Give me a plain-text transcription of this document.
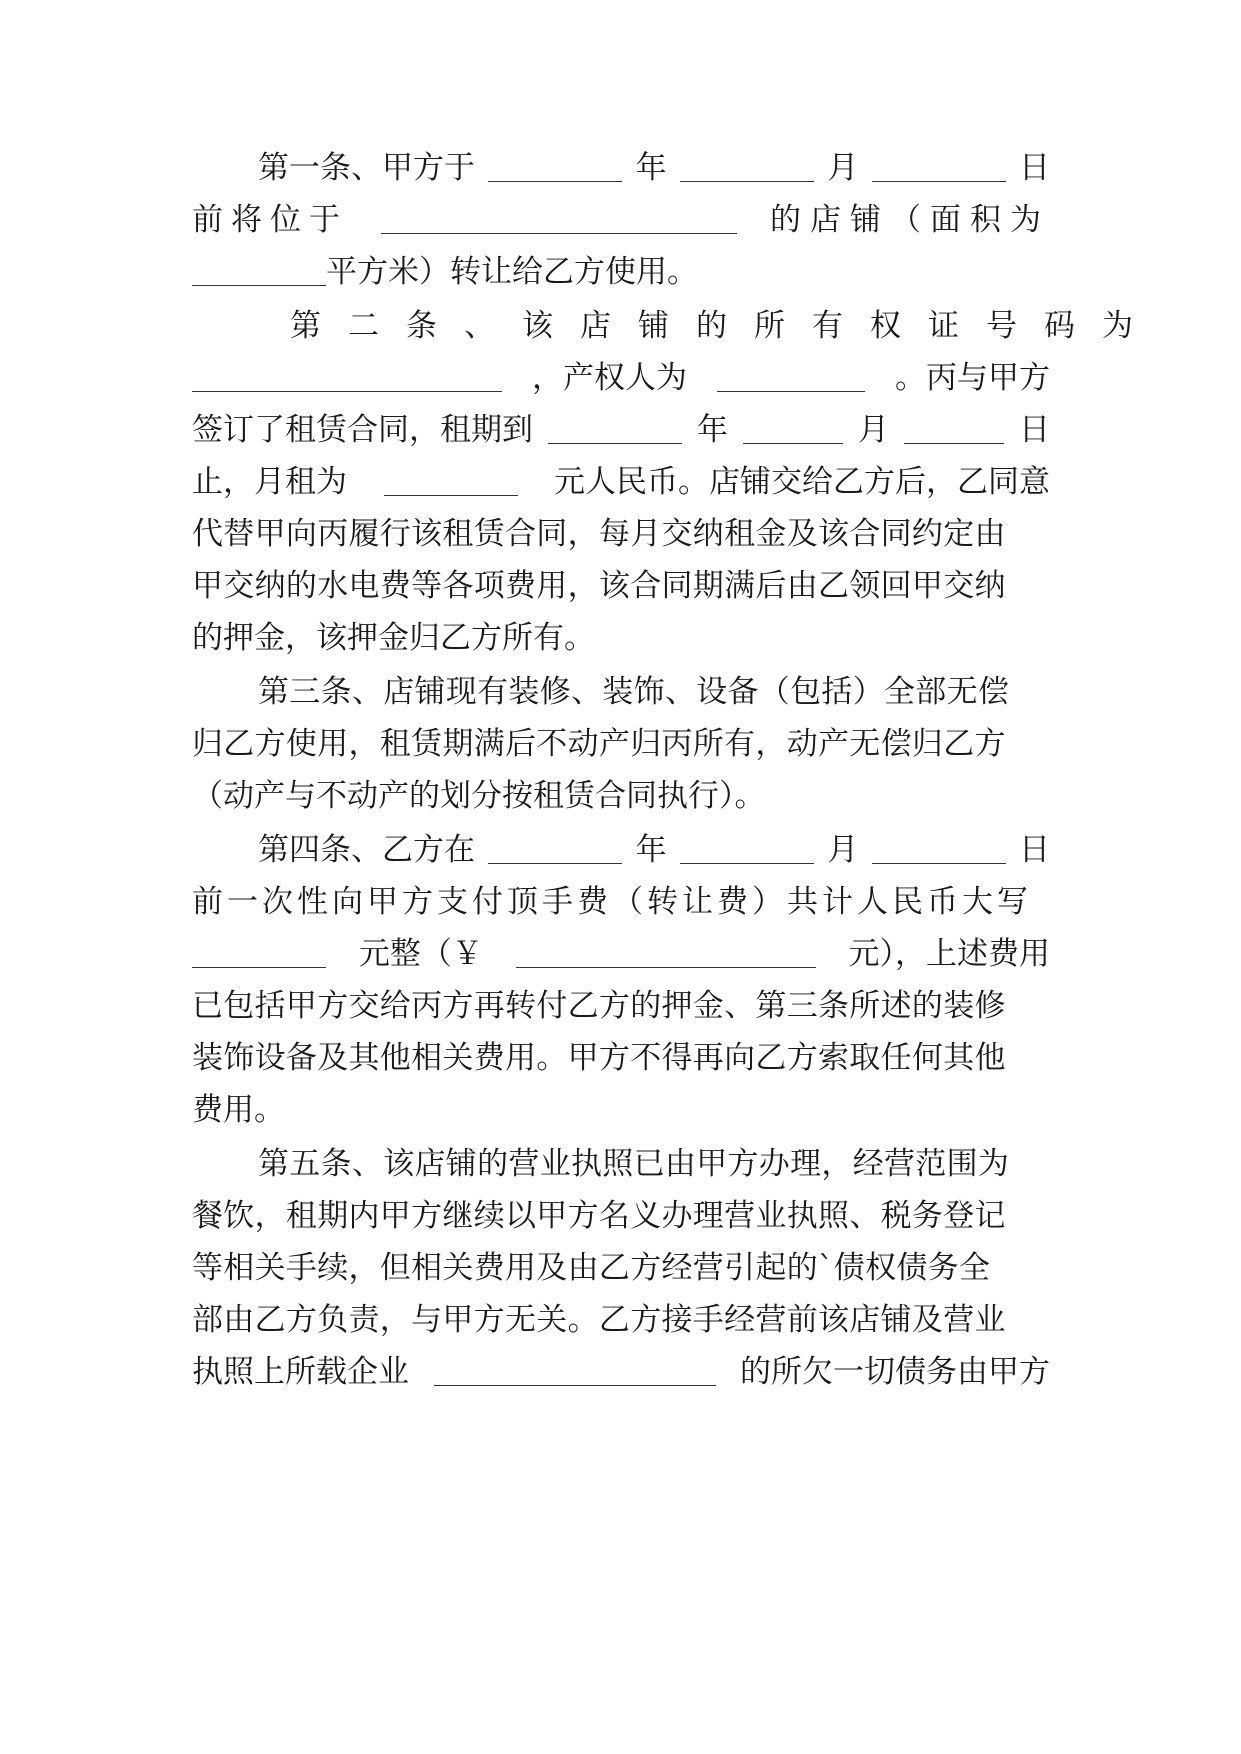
第一条、甲方于	年	月	日
前将位于	的店铺（面积为
平方米）转让给乙方使用。
第二条、该店铺的所有权证号码为
，产权人为	。丙与甲方
签订了租赁合同，租期到	年	月	日
止，月租为	元人民币。店铺交给乙方后，乙同意
代替甲向丙履行该租赁合同，每月交纳租金及该合同约定由
甲交纳的水电费等各项费用，该合同期满后由乙领回甲交纳
的押金，该押金归乙方所有。
第三条、店铺现有装修、装饰、设备（包括）全部无偿
归乙方使用，租赁期满后不动产归丙所有，动产无偿归乙方
（动产与不动产的划分按租赁合同执行）。
第四条、乙方在	年	月	日
前一次性向甲方支付顶手费（转让费）共计人民币大写
元整（￥	元），上述费用
已包括甲方交给丙方再转付乙方的押金、第三条所述的装修
装饰设备及其他相关费用。甲方不得再向乙方索取任何其他
费用。
第五条、该店铺的营业执照已由甲方办理，经营范围为
餐饮，租期内甲方继续以甲方名义办理营业执照、税务登记
等相关手续，但相关费用及由乙方经营引起的`债权债务全
部由乙方负责，与甲方无关。乙方接手经营前该店铺及营业
执照上所载企业	的所欠一切债务由甲方
